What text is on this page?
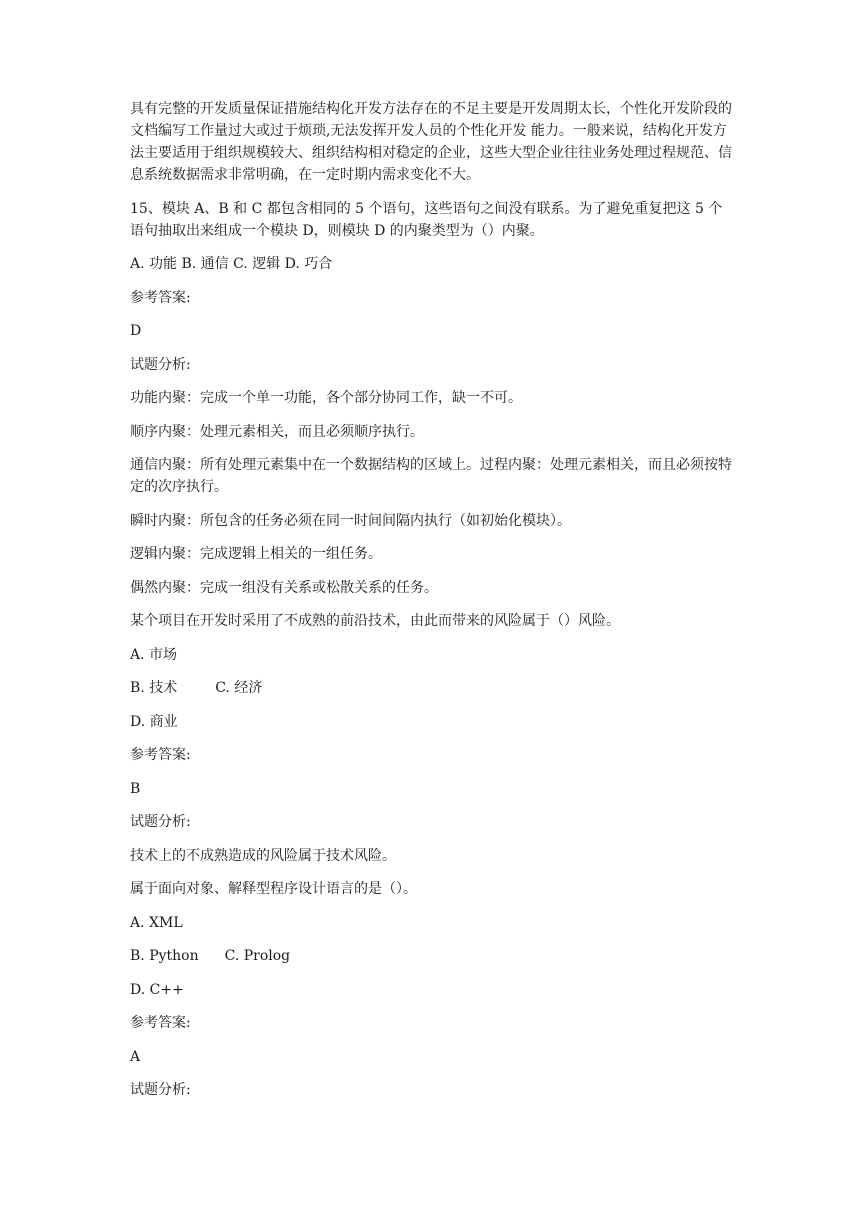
具有完整的开发质量保证措施结构化开发方法存在的不足主要是开发周期太长，个性化开发阶段的文档编写工作量过大或过于烦琐,无法发挥开发人员的个性化开发 能力。一般来说，结构化开发方法主要适用于组织规模较大、组织结构相对稳定的企业，这些大型企业往往业务处理过程规范、信息系统数据需求非常明确，在一定时期内需求变化不大。

15、模块 A、B 和 C 都包含相同的 5 个语句，这些语句之间没有联系。为了避免重复把这 5 个语句抽取出来组成一个模块 D，则模块 D 的内聚类型为（）内聚。

A. 功能 B. 通信 C. 逻辑 D. 巧合

参考答案:

D

试题分析:

功能内聚：完成一个单一功能，各个部分协同工作，缺一不可。

顺序内聚：处理元素相关，而且必须顺序执行。

通信内聚：所有处理元素集中在一个数据结构的区域上。过程内聚：处理元素相关，而且必须按特定的次序执行。

瞬时内聚：所包含的任务必须在同一时间间隔内执行（如初始化模块）。

逻辑内聚：完成逻辑上相关的一组任务。

偶然内聚：完成一组没有关系或松散关系的任务。

某个项目在开发时采用了不成熟的前沿技术，由此而带来的风险属于（）风险。

A. 市场

B. 技术	C. 经济

D. 商业

参考答案:

B

试题分析:

技术上的不成熟造成的风险属于技术风险。

属于面向对象、解释型程序设计语言的是（）。

A. XML

B. Python C. Prolog

D. C++

参考答案:

A

试题分析:
